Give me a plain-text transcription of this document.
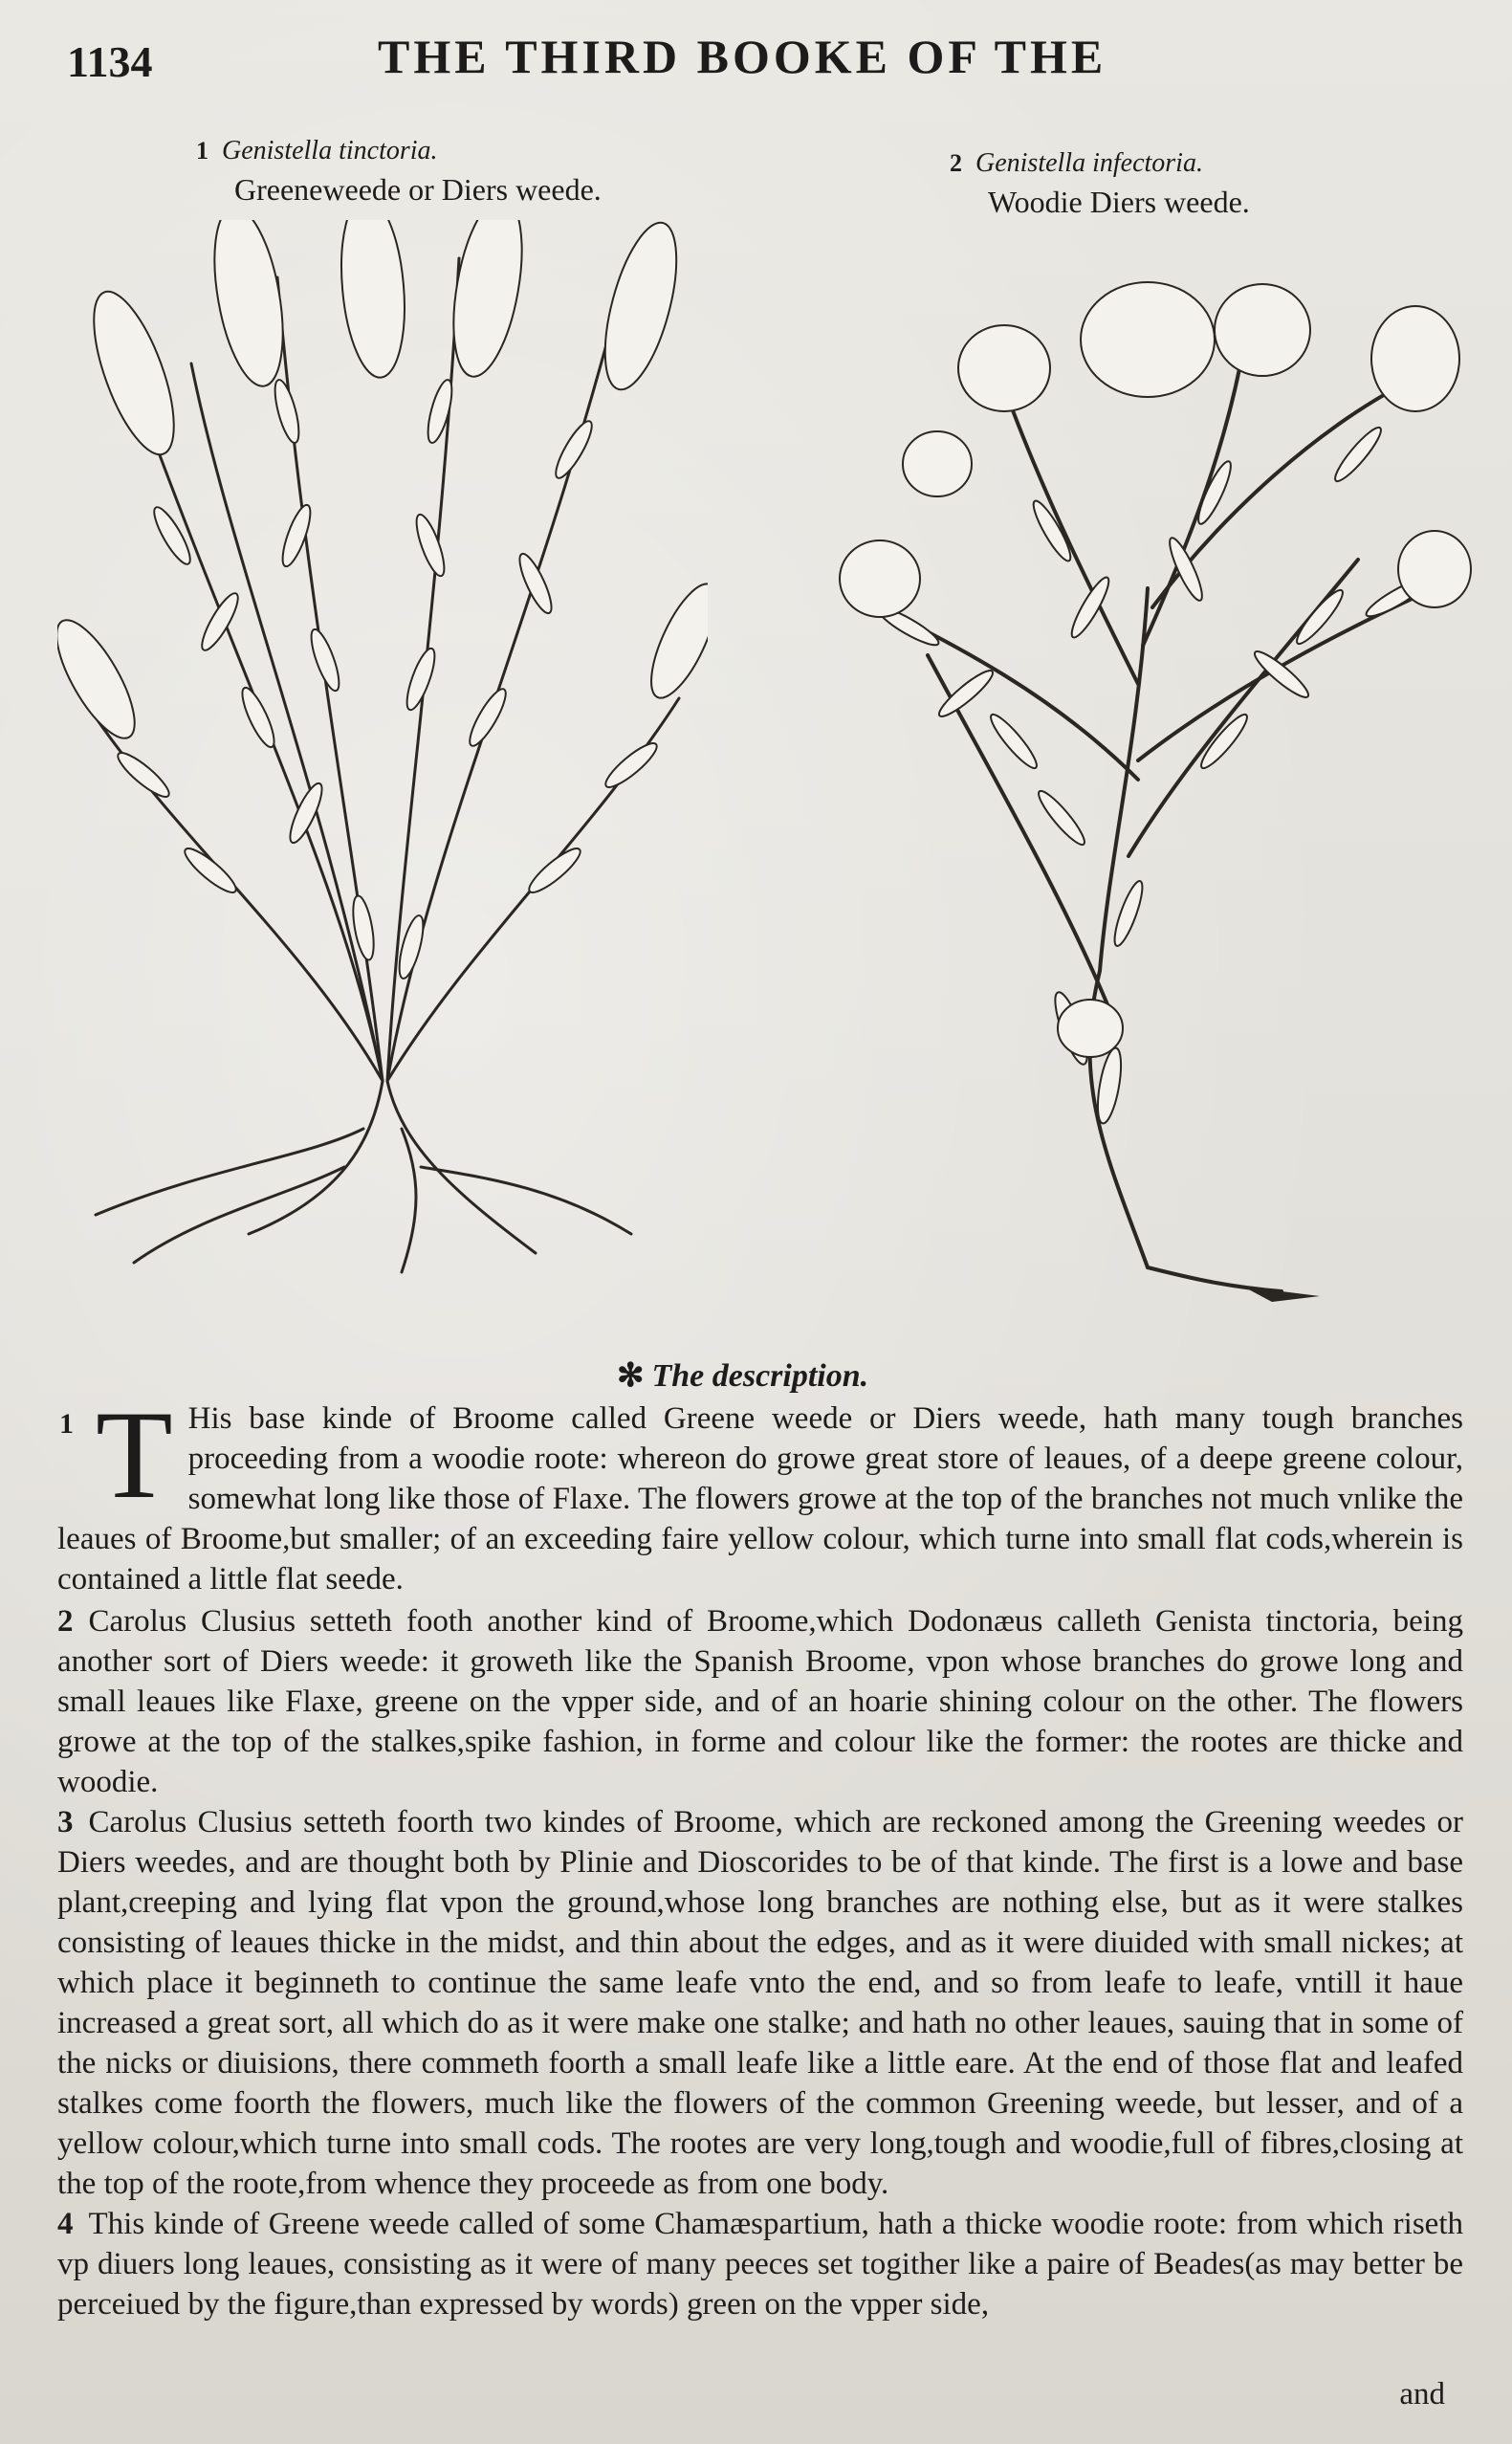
1134	THE THIRD BOOKE OF THE
1 Genistella tinctoria.
Greeneweede or Diers weede.
2 Genistella infectoria.
Woodie Diers weede.
✻ The description.

T His base kinde of Broome called Greene weede or Diers weede, hath many tough branches proceeding from a woodie roote: whereon do growe great store of leaues, of a deepe greene colour, somewhat long like those of Flaxe. The flowers growe at the top of the branches not much vnlike the leaues of Broome,but smaller; of an exceeding faire yellow colour, which turne into small flat cods,wherein is contained a little flat seede.

2 Carolus Clusius setteth footh another kind of Broome,which Dodonæus calleth Genista tinctoria, being another sort of Diers weede: it groweth like the Spanish Broome, vpon whose branches do growe long and small leaues like Flaxe, greene on the vpper side, and of an hoarie shining colour on the other. The flowers growe at the top of the stalkes,spike fashion, in forme and colour like the former: the rootes are thicke and woodie.

3 Carolus Clusius setteth foorth two kindes of Broome, which are reckoned among the Greening weedes or Diers weedes, and are thought both by Plinie and Dioscorides to be of that kinde. The first is a lowe and base plant,creeping and lying flat vpon the ground,whose long branches are nothing else, but as it were stalkes consisting of leaues thicke in the midst, and thin about the edges, and as it were diuided with small nickes; at which place it beginneth to continue the same leafe vnto the end, and so from leafe to leafe, vntill it haue increased a great sort, all which do as it were make one stalke; and hath no other leaues, sauing that in some of the nicks or diuisions, there commeth foorth a small leafe like a little eare. At the end of those flat and leafed stalkes come foorth the flowers, much like the flowers of the common Greening weede, but lesser, and of a yellow colour,which turne into small cods. The rootes are very long,tough and woodie,full of fibres,closing at the top of the roote,from whence they proceede as from one body.

4 This kinde of Greene weede called of some Chamæspartium, hath a thicke woodie roote: from which riseth vp diuers long leaues, consisting as it were of many peeces set togither like a paire of Beades(as may better be perceiued by the figure,than expressed by words) green on the vpper side,

and
1
